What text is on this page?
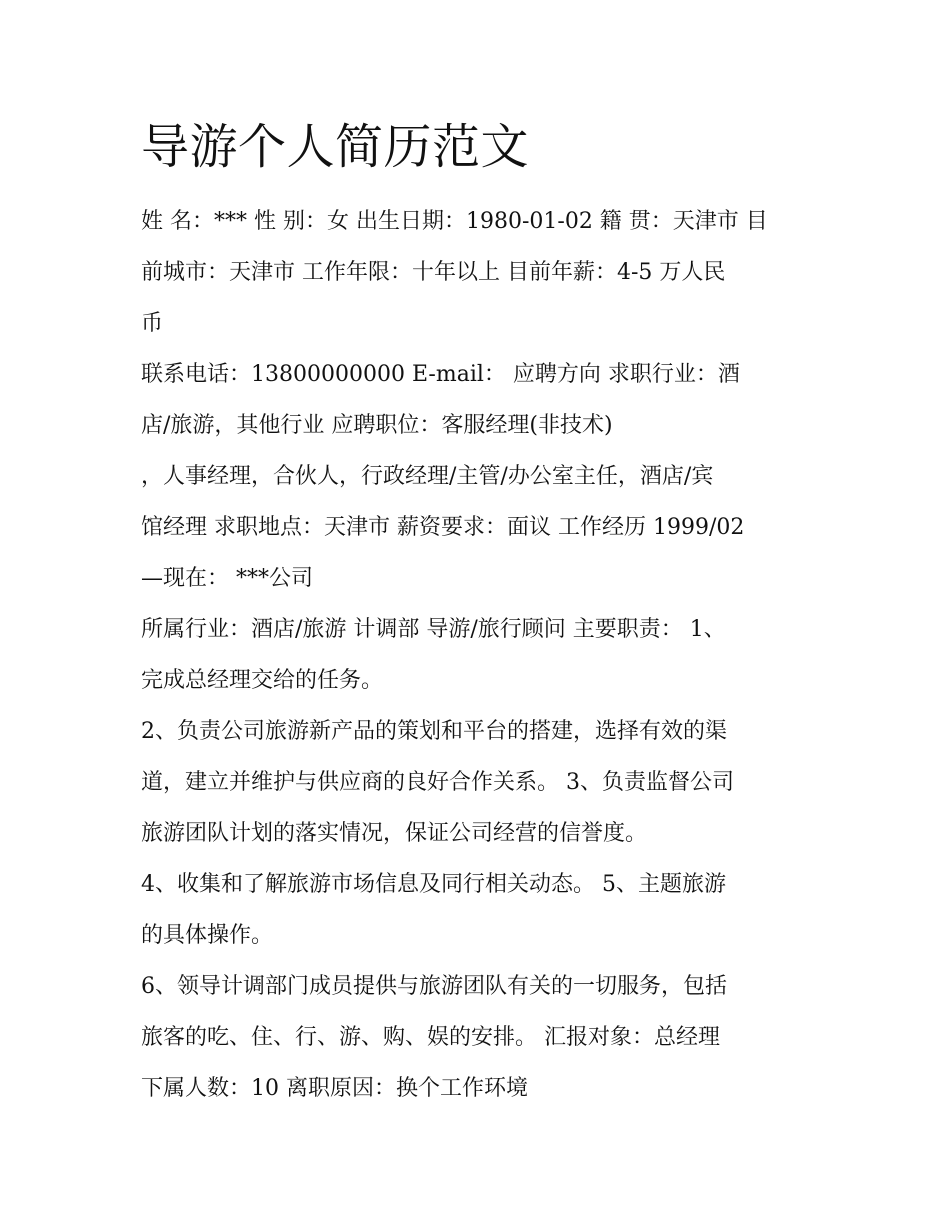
导游个人简历范文
姓 名：*** 性 别：女 出生日期：1980-01-02 籍 贯：天津市 目
前城市：天津市 工作年限：十年以上 目前年薪：4-5 万人民
币
联系电话：13800000000 E-mail： 应聘方向 求职行业：酒
店/旅游，其他行业 应聘职位：客服经理(非技术)
，人事经理，合伙人，行政经理/主管/办公室主任，酒店/宾
馆经理 求职地点：天津市 薪资要求：面议 工作经历 1999/02
—现在： ***公司
所属行业：酒店/旅游 计调部 导游/旅行顾问 主要职责： 1、
完成总经理交给的任务。
2、负责公司旅游新产品的策划和平台的搭建，选择有效的渠
道，建立并维护与供应商的良好合作关系。 3、负责监督公司
旅游团队计划的落实情况，保证公司经营的信誉度。
4、收集和了解旅游市场信息及同行相关动态。 5、主题旅游
的具体操作。
6、领导计调部门成员提供与旅游团队有关的一切服务，包括
旅客的吃、住、行、游、购、娱的安排。 汇报对象：总经理
下属人数：10 离职原因：换个工作环境
